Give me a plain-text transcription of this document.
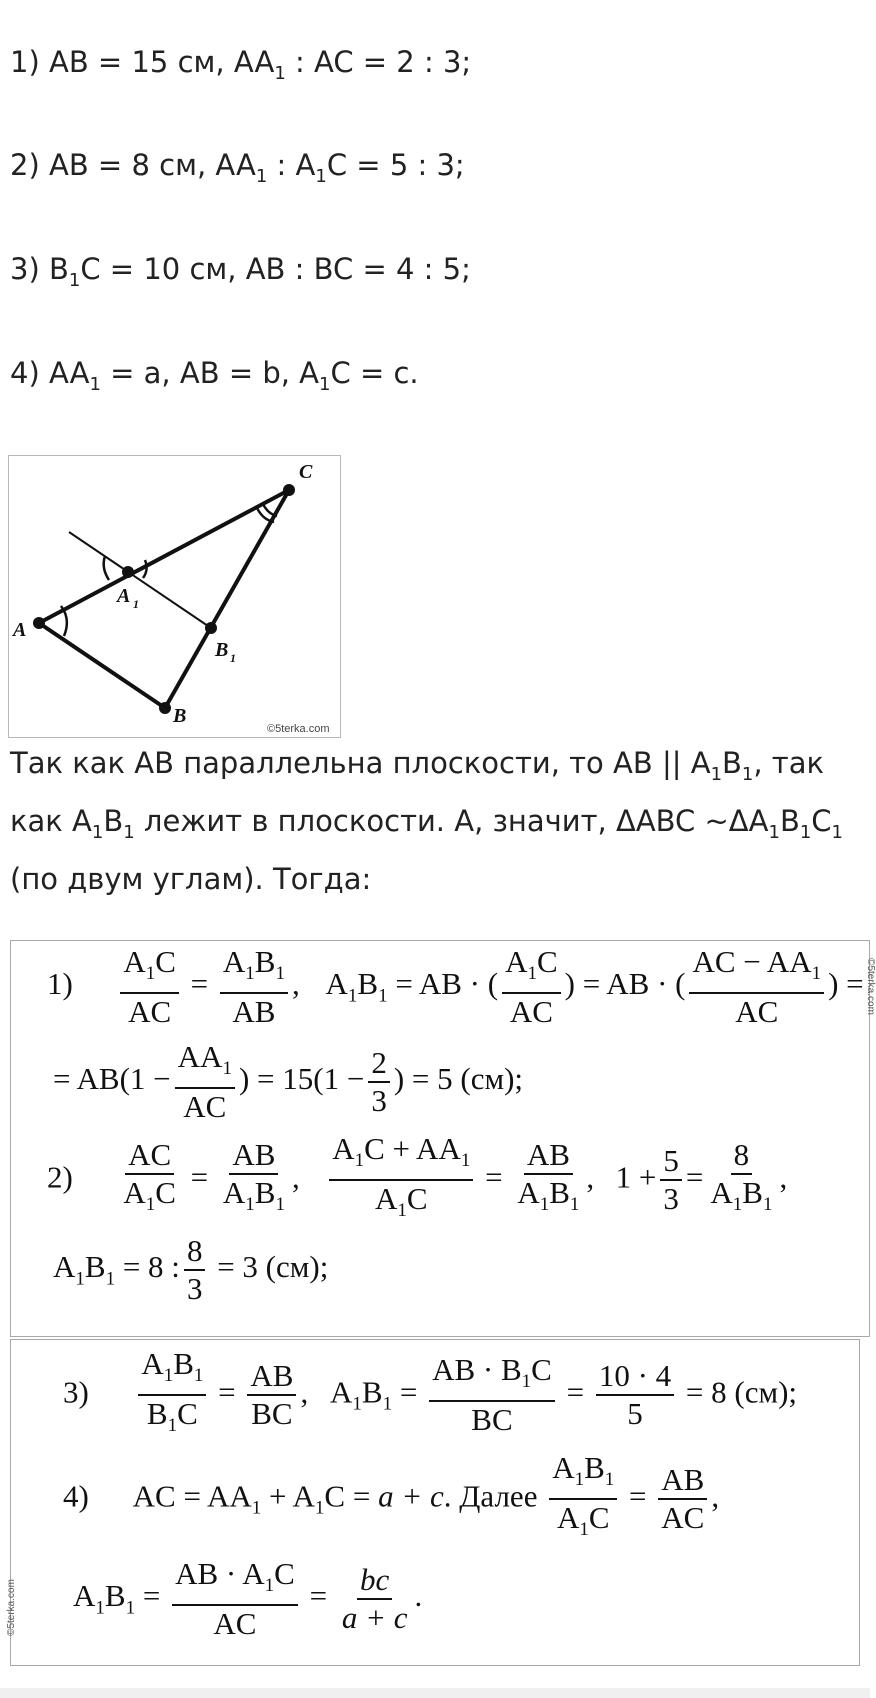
1) AB = 15 см, $AA_1$ : AC = 2 : 3;
2) AB = 8 см, $AA_1$ : $A_1C = 5$ : 3;
3) $B_1C = 10$ см, AB : BC = 4 : 5;
4) $AA_1 = a$, AB = b, $A_1C = c$.
A
B
C
A 1
B 1
©5terka.com
Так как AB параллельна плоскости, то AB || $A_1B_1$, так как $A_1B_1$ лежит в плоскости. А, значит, ΔABC $\sim\Delta A_1B_1C_1$ (по двум углам). Тогда:
$1) \frac{A_1C}{AC} = \frac{A_1B_1}{AB}$ , $A_1B_1$ = AB · ( $\frac{A_1C}{AC}$ ) = AB · ( $\frac{AC - AA_1}{AC}$ ) =
= $AB(1 - \frac{AA_1}{AC}$ ) = $15(1 - \frac{2}{3}$ ) = 5 (см);
$2) \frac{AC}{A_1C} = \frac{AB}{A_1B_1}$ , $\frac{A_1C + AA_1}{A_1C} = \frac{AB}{A_1B_1}$ , $1 + \frac{5}{3} = \frac{8}{A_1B_1}$ ,
$A_1B_1 = 8$ : $\frac{8}{3} = 3$ (см);
©5terka.com
$3) \frac{A_1B_1}{B_1C} = \frac{AB}{BC}$ , $A_1B_1 = \frac{AB \cdot B_1C}{BC} = \frac{10 \cdot 4}{5} = 8$ (см);
4) AC = $AA_1 + A_1C = a + c$. Далее $\frac{A_1B_1}{A_1C} = \frac{AB}{AC}$ ,
$A_1B_1 = \frac{AB \cdot A_1C}{AC} = \frac{bc}{a + c}$ .
©5terka.com
